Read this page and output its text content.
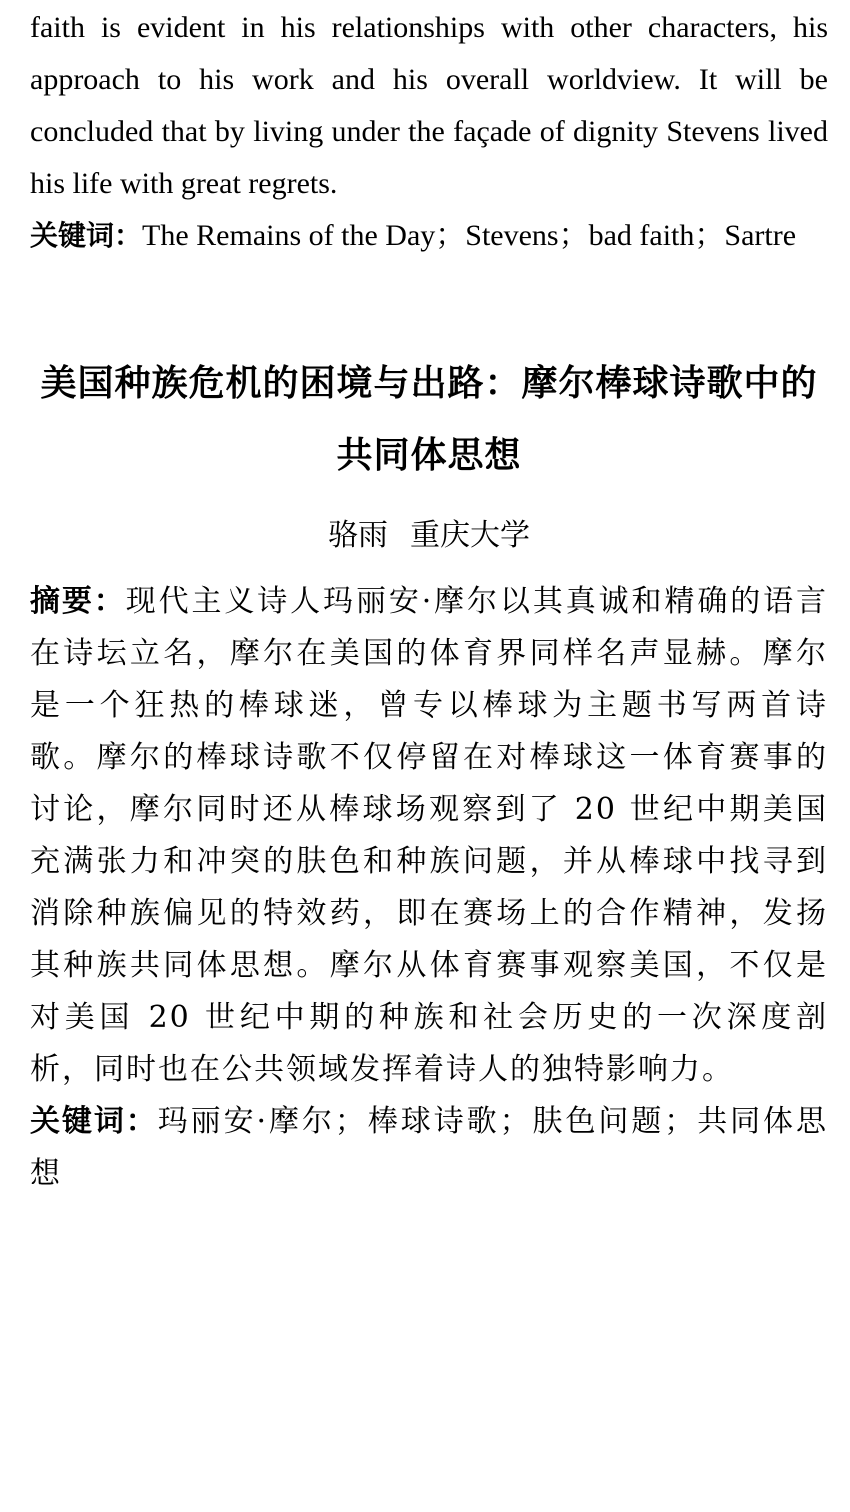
faith is evident in his relationships with other characters, his approach to his work and his overall worldview. It will be concluded that by living under the façade of dignity Stevens lived his life with great regrets.

关键词：The Remains of the Day；Stevens；bad faith；Sartre

美国种族危机的困境与出路：摩尔棒球诗歌中的共同体思想

骆雨 重庆大学

摘要：现代主义诗人玛丽安·摩尔以其真诚和精确的语言在诗坛立名，摩尔在美国的体育界同样名声显赫。摩尔是一个狂热的棒球迷，曾专以棒球为主题书写两首诗歌。摩尔的棒球诗歌不仅停留在对棒球这一体育赛事的讨论，摩尔同时还从棒球场观察到了 20 世纪中期美国充满张力和冲突的肤色和种族问题，并从棒球中找寻到消除种族偏见的特效药，即在赛场上的合作精神，发扬其种族共同体思想。摩尔从体育赛事观察美国，不仅是对美国 20 世纪中期的种族和社会历史的一次深度剖析，同时也在公共领域发挥着诗人的独特影响力。

关键词：玛丽安·摩尔；棒球诗歌；肤色问题；共同体思想
